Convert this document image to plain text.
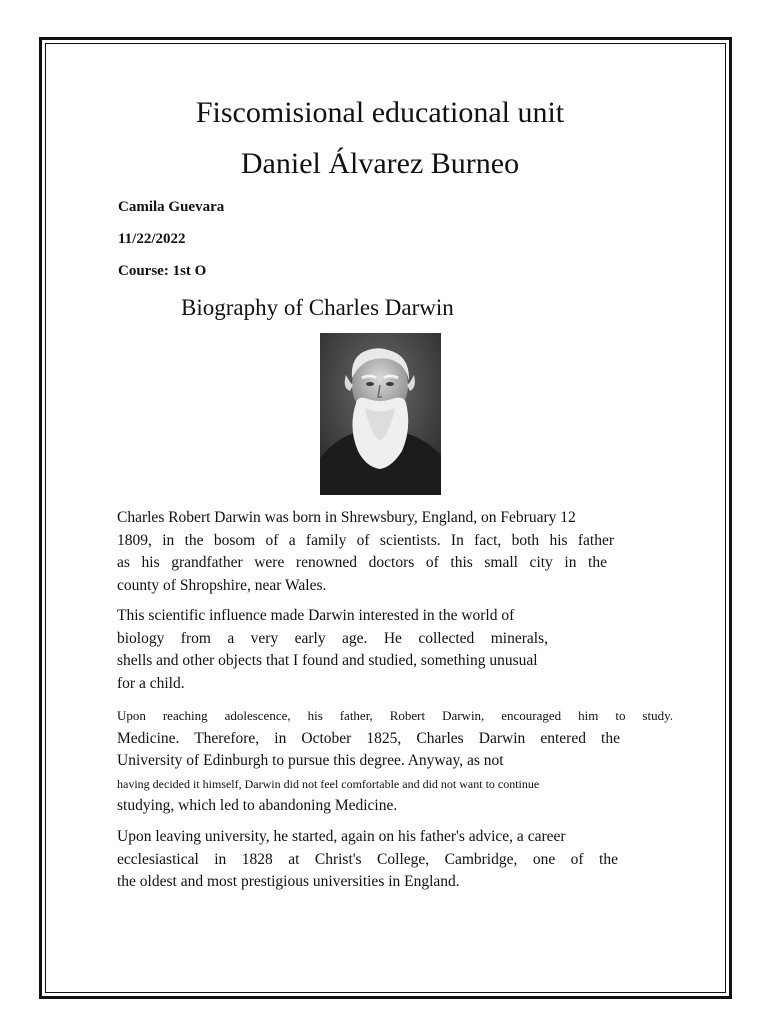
Fiscomisional educational unit
Daniel Álvarez Burneo
Camila Guevara
11/22/2022
Course: 1st O
Biography of Charles Darwin
Charles Robert Darwin was born in Shrewsbury, England, on February 12
1809, in the bosom of a family of scientists. In fact, both his father
as his grandfather were renowned doctors of this small city in the
county of Shropshire, near Wales.
This scientific influence made Darwin interested in the world of
biology from a very early age. He collected minerals,
shells and other objects that I found and studied, something unusual
for a child.
Upon reaching adolescence, his father, Robert Darwin, encouraged him to study.
Medicine. Therefore, in October 1825, Charles Darwin entered the
University of Edinburgh to pursue this degree. Anyway, as not
having decided it himself, Darwin did not feel comfortable and did not want to continue
studying, which led to abandoning Medicine.
Upon leaving university, he started, again on his father's advice, a career
ecclesiastical in 1828 at Christ's College, Cambridge, one of the
the oldest and most prestigious universities in England.
